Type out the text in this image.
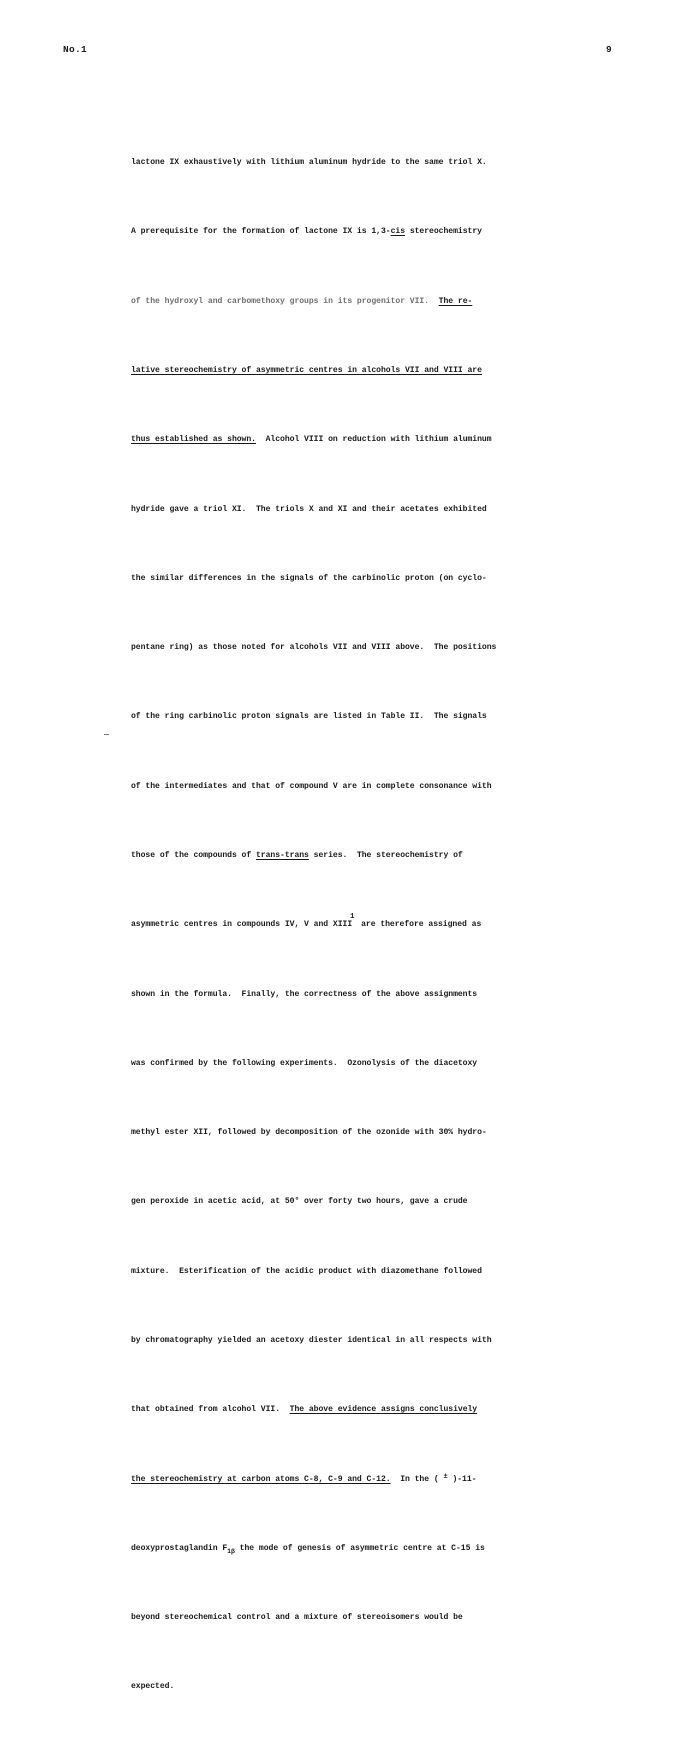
No.1	9

lactone IX exhaustively with lithium aluminum hydride to the same triol X.

A prerequisite for the formation of lactone IX is 1,3-cis stereochemistry

of the hydroxyl and carbomethoxy groups in its progenitor VII.  The re-

lative stereochemistry of asymmetric centres in alcohols VII and VIII are

thus established as shown.  Alcohol VIII on reduction with lithium aluminum

hydride gave a triol XI.  The triols X and XI and their acetates exhibited

the similar differences in the signals of the carbinolic proton (on cyclo-

pentane ring) as those noted for alcohols VII and VIII above.  The positions

of the ring carbinolic proton signals are listed in Table II.  The signals

of the intermediates and that of compound V are in complete consonance with

those of the compounds of trans-trans series.  The stereochemistry of

asymmetric centres in compounds IV, V and XIII1 are therefore assigned as

shown in the formula.  Finally, the correctness of the above assignments

was confirmed by the following experiments.  Ozonolysis of the diacetoxy

methyl ester XII, followed by decomposition of the ozonide with 30% hydro-

gen peroxide in acetic acid, at 50° over forty two hours, gave a crude

mixture.  Esterification of the acidic product with diazomethane followed

by chromatography yielded an acetoxy diester identical in all respects with

that obtained from alcohol VII.  The above evidence assigns conclusively

the stereochemistry at carbon atoms C-8, C-9 and C-12.  In the ( ± )-11-

deoxyprostaglandin $F_{1\beta}$ the mode of genesis of asymmetric centre at C-15 is

beyond stereochemical control and a mixture of stereoisomers would be

expected.
